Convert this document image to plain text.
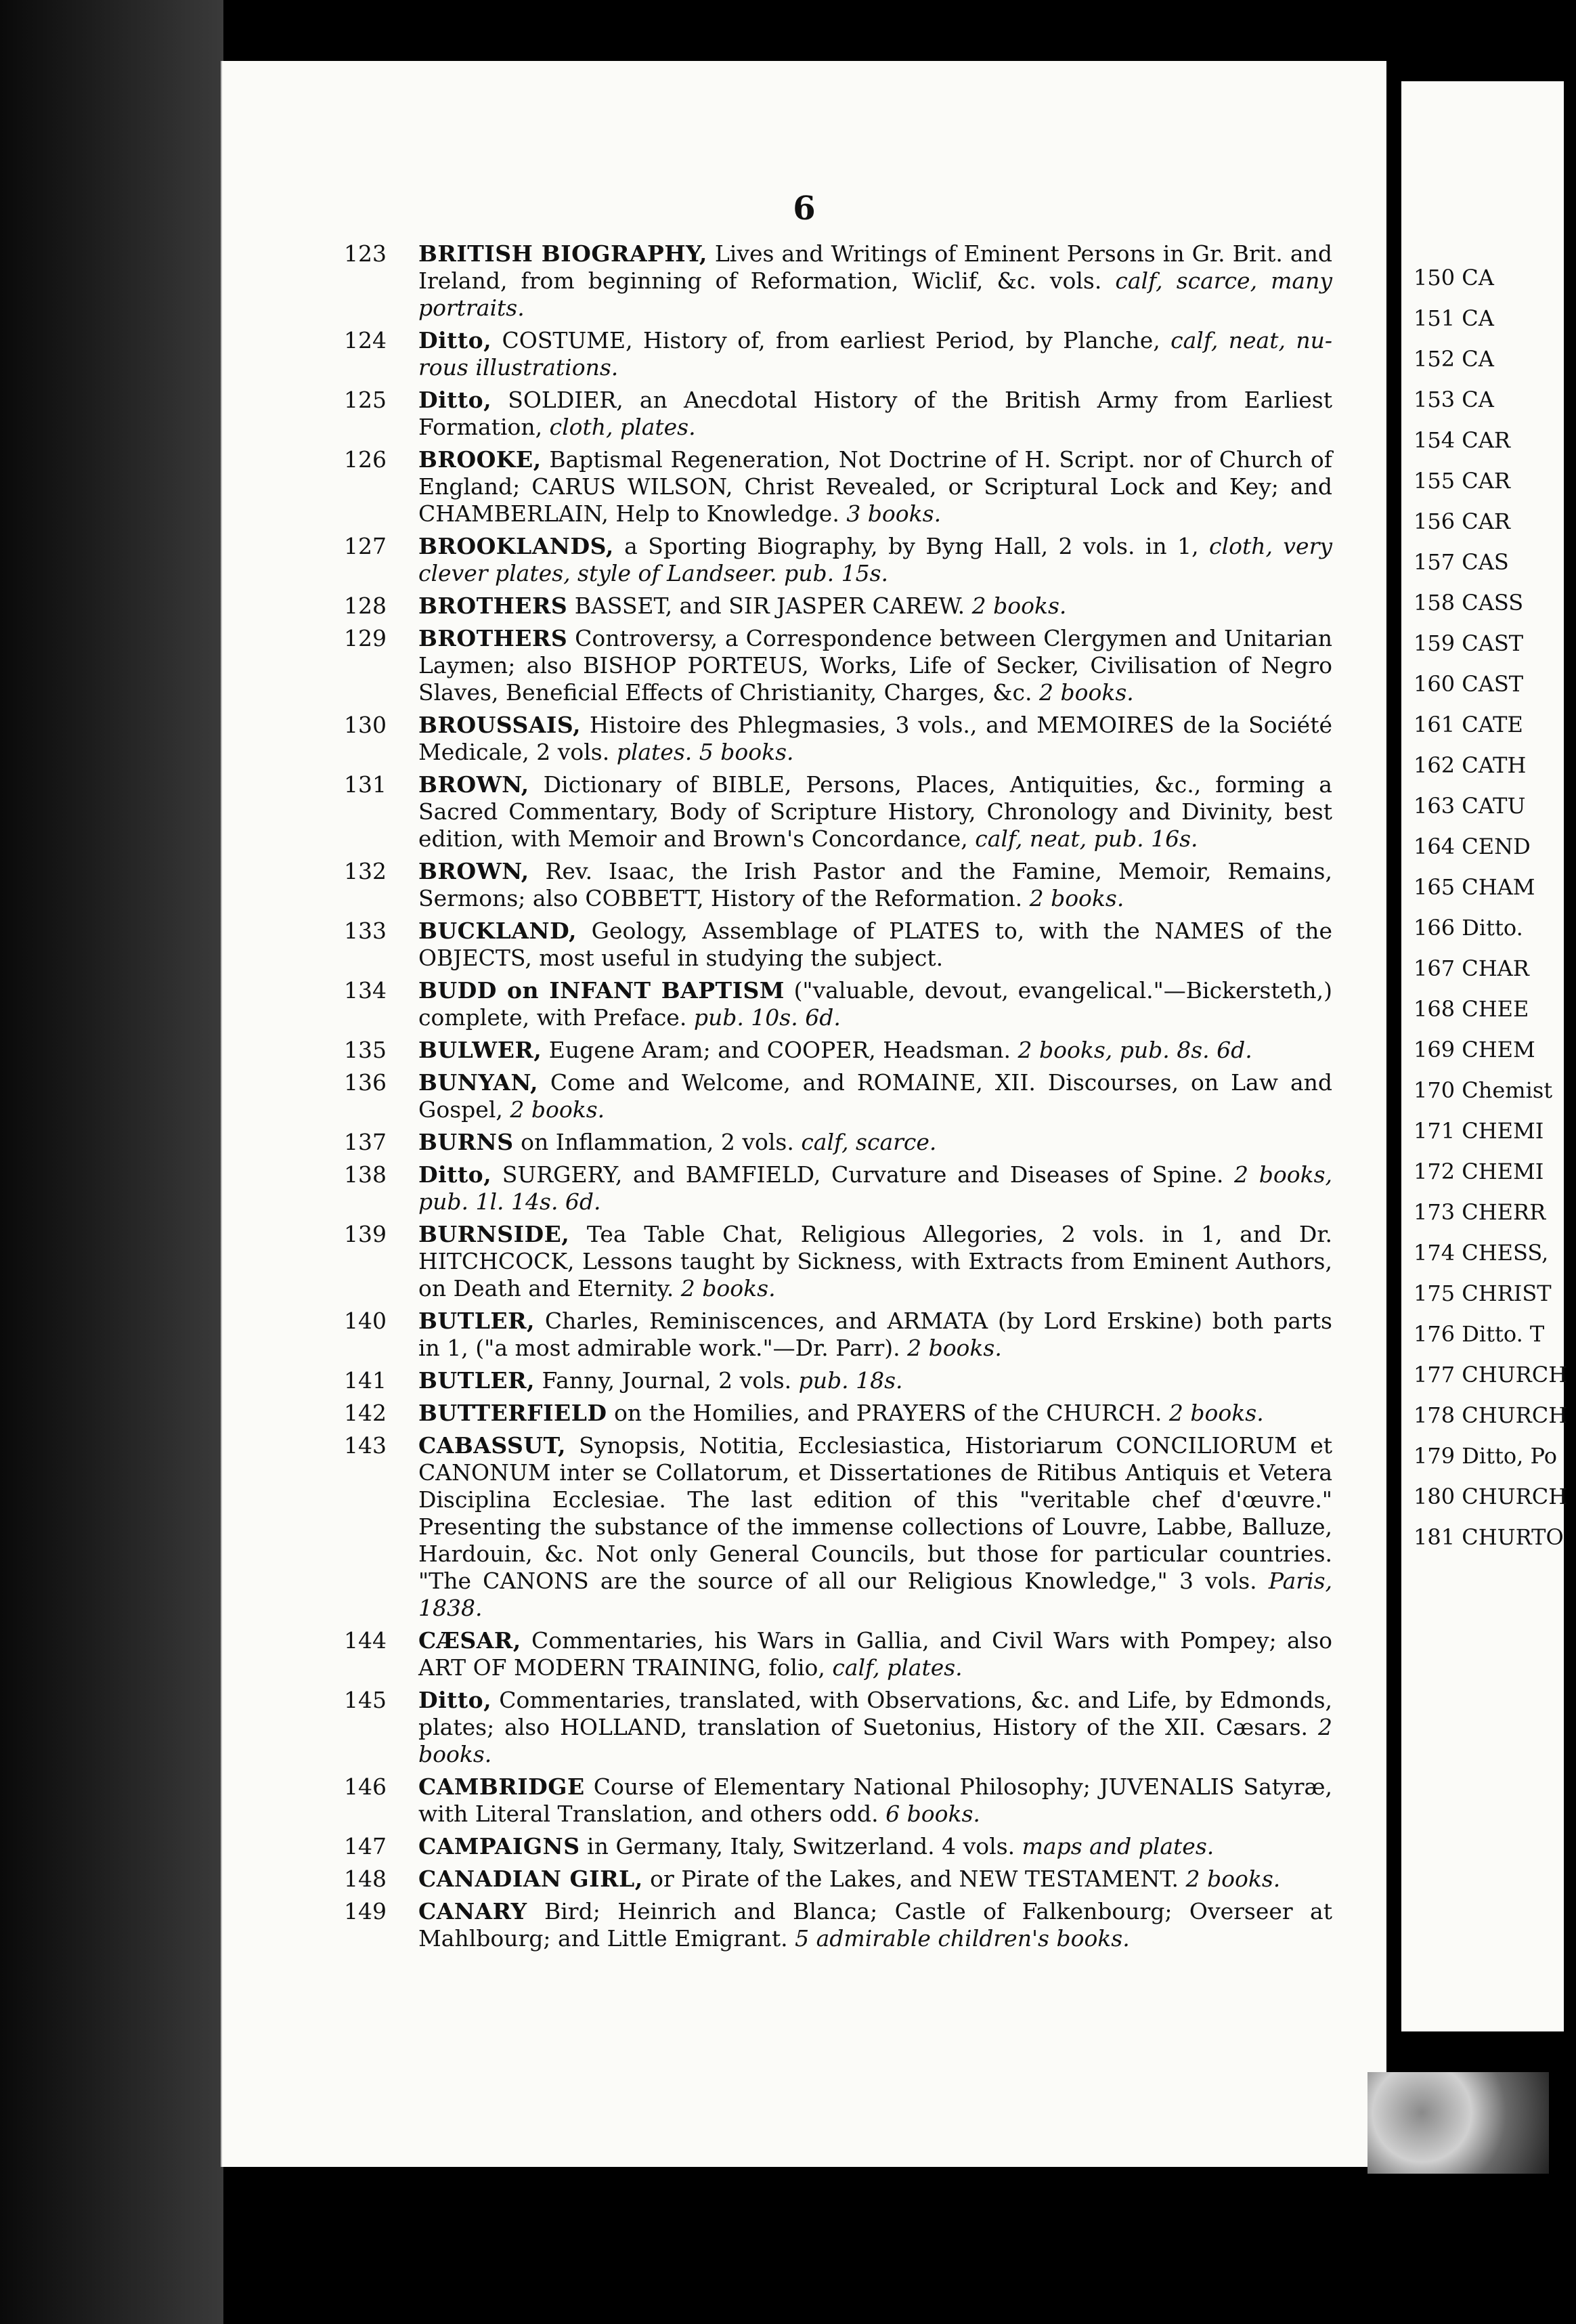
6
123	BRITISH BIOGRAPHY, Lives and Writings of Eminent Persons in Gr. Brit. and Ireland, from beginning of Reformation, Wiclif, &c. vols. calf, scarce, many portraits.
124	Ditto, COSTUME, History of, from earliest Period, by Planche, calf, neat, nu- rous illustrations.
125	Ditto, SOLDIER, an Anecdotal History of the British Army from Earliest Formation, cloth, plates.
126	BROOKE, Baptismal Regeneration, Not Doctrine of H. Script. nor of Church of England; CARUS WILSON, Christ Revealed, or Scriptural Lock and Key; and CHAMBERLAIN, Help to Knowledge. 3 books.
127	BROOKLANDS, a Sporting Biography, by Byng Hall, 2 vols. in 1, cloth, very clever plates, style of Landseer. pub. 15s.
128	BROTHERS BASSET, and SIR JASPER CAREW. 2 books.
129	BROTHERS Controversy, a Correspondence between Clergymen and Unitarian Laymen; also BISHOP PORTEUS, Works, Life of Secker, Civilisation of Negro Slaves, Beneficial Effects of Christianity, Charges, &c. 2 books.
130	BROUSSAIS, Histoire des Phlegmasies, 3 vols., and MEMOIRES de la Société Medicale, 2 vols. plates. 5 books.
131	BROWN, Dictionary of BIBLE, Persons, Places, Antiquities, &c., forming a Sacred Commentary, Body of Scripture History, Chronology and Divinity, best edition, with Memoir and Brown's Concordance, calf, neat, pub. 16s.
132	BROWN, Rev. Isaac, the Irish Pastor and the Famine, Memoir, Remains, Sermons; also COBBETT, History of the Reformation. 2 books.
133	BUCKLAND, Geology, Assemblage of PLATES to, with the NAMES of the OBJECTS, most useful in studying the subject.
134	BUDD on INFANT BAPTISM ("valuable, devout, evangelical."—Bickersteth,) complete, with Preface. pub. 10s. 6d.
135	BULWER, Eugene Aram; and COOPER, Headsman. 2 books, pub. 8s. 6d.
136	BUNYAN, Come and Welcome, and ROMAINE, XII. Discourses, on Law and Gospel, 2 books.
137	BURNS on Inflammation, 2 vols. calf, scarce.
138	Ditto, SURGERY, and BAMFIELD, Curvature and Diseases of Spine. 2 books, pub. 1l. 14s. 6d.
139	BURNSIDE, Tea Table Chat, Religious Allegories, 2 vols. in 1, and Dr. HITCHCOCK, Lessons taught by Sickness, with Extracts from Eminent Authors, on Death and Eternity. 2 books.
140	BUTLER, Charles, Reminiscences, and ARMATA (by Lord Erskine) both parts in 1, ("a most admirable work."—Dr. Parr). 2 books.
141	BUTLER, Fanny, Journal, 2 vols. pub. 18s.
142	BUTTERFIELD on the Homilies, and PRAYERS of the CHURCH. 2 books.
143	CABASSUT, Synopsis, Notitia, Ecclesiastica, Historiarum CONCILIORUM et CANONUM inter se Collatorum, et Dissertationes de Ritibus Antiquis et Vetera Disciplina Ecclesiae. The last edition of this "veritable chef d'œuvre." Presenting the substance of the immense collections of Louvre, Labbe, Balluze, Hardouin, &c. Not only General Councils, but those for particular countries. "The CANONS are the source of all our Religious Knowledge," 3 vols. Paris, 1838.
144	CÆSAR, Commentaries, his Wars in Gallia, and Civil Wars with Pompey; also ART OF MODERN TRAINING, folio, calf, plates.
145	Ditto, Commentaries, translated, with Observations, &c. and Life, by Edmonds, plates; also HOLLAND, translation of Suetonius, History of the XII. Cæsars. 2 books.
146	CAMBRIDGE Course of Elementary National Philosophy; JUVENALIS Satyræ, with Literal Translation, and others odd. 6 books.
147	CAMPAIGNS in Germany, Italy, Switzerland. 4 vols. maps and plates.
148	CANADIAN GIRL, or Pirate of the Lakes, and NEW TESTAMENT. 2 books.
149	CANARY Bird; Heinrich and Blanca; Castle of Falkenbourg; Overseer at Mahlbourg; and Little Emigrant. 5 admirable children's books.
150 CA
151 CA
152 CA
153 CA
154 CAR
155 CAR
156 CAR
157 CAS
158 CASS
159 CAST
160 CAST
161 CATE
162 CATH
163 CATU
164 CEND
165 CHAM
166 Ditto.
167 CHAR
168 CHEE
169 CHEM
170 Chemist
171 CHEMI
172 CHEMI
173 CHERR
174 CHESS,
175 CHRIST
176 Ditto. T
177 CHURCH
178 CHURCH
179 Ditto, Po
180 CHURCH
181 CHURTO
